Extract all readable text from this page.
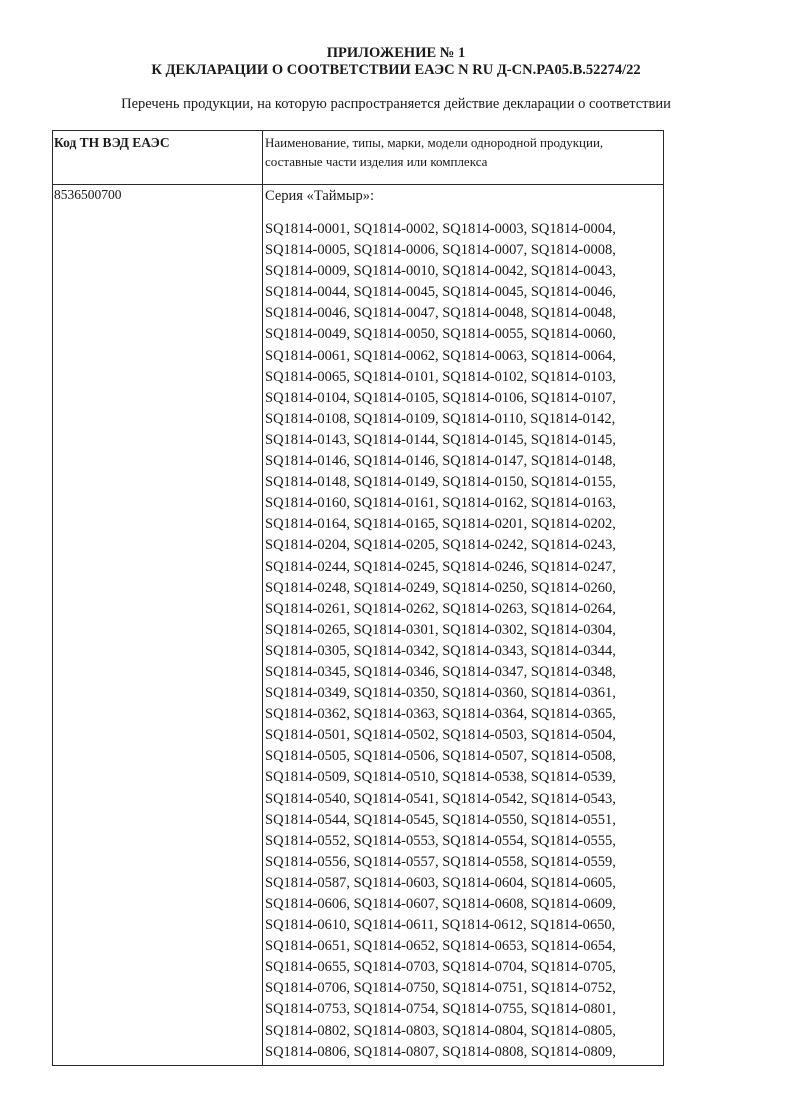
ПРИЛОЖЕНИЕ № 1
К ДЕКЛАРАЦИИ О СООТВЕТСТВИИ ЕАЭС N RU Д-CN.PA05.B.52274/22
Перечень продукции, на которую распространяется действие декларации о соответствии
Код ТН ВЭД ЕАЭС	Наименование, типы, марки, модели однородной продукции, составные части изделия или комплекса
8536500700	Серия «Таймыр»:
SQ1814-0001, SQ1814-0002, SQ1814-0003, SQ1814-0004,
SQ1814-0005, SQ1814-0006, SQ1814-0007, SQ1814-0008,
SQ1814-0009, SQ1814-0010, SQ1814-0042, SQ1814-0043,
SQ1814-0044, SQ1814-0045, SQ1814-0045, SQ1814-0046,
SQ1814-0046, SQ1814-0047, SQ1814-0048, SQ1814-0048,
SQ1814-0049, SQ1814-0050, SQ1814-0055, SQ1814-0060,
SQ1814-0061, SQ1814-0062, SQ1814-0063, SQ1814-0064,
SQ1814-0065, SQ1814-0101, SQ1814-0102, SQ1814-0103,
SQ1814-0104, SQ1814-0105, SQ1814-0106, SQ1814-0107,
SQ1814-0108, SQ1814-0109, SQ1814-0110, SQ1814-0142,
SQ1814-0143, SQ1814-0144, SQ1814-0145, SQ1814-0145,
SQ1814-0146, SQ1814-0146, SQ1814-0147, SQ1814-0148,
SQ1814-0148, SQ1814-0149, SQ1814-0150, SQ1814-0155,
SQ1814-0160, SQ1814-0161, SQ1814-0162, SQ1814-0163,
SQ1814-0164, SQ1814-0165, SQ1814-0201, SQ1814-0202,
SQ1814-0204, SQ1814-0205, SQ1814-0242, SQ1814-0243,
SQ1814-0244, SQ1814-0245, SQ1814-0246, SQ1814-0247,
SQ1814-0248, SQ1814-0249, SQ1814-0250, SQ1814-0260,
SQ1814-0261, SQ1814-0262, SQ1814-0263, SQ1814-0264,
SQ1814-0265, SQ1814-0301, SQ1814-0302, SQ1814-0304,
SQ1814-0305, SQ1814-0342, SQ1814-0343, SQ1814-0344,
SQ1814-0345, SQ1814-0346, SQ1814-0347, SQ1814-0348,
SQ1814-0349, SQ1814-0350, SQ1814-0360, SQ1814-0361,
SQ1814-0362, SQ1814-0363, SQ1814-0364, SQ1814-0365,
SQ1814-0501, SQ1814-0502, SQ1814-0503, SQ1814-0504,
SQ1814-0505, SQ1814-0506, SQ1814-0507, SQ1814-0508,
SQ1814-0509, SQ1814-0510, SQ1814-0538, SQ1814-0539,
SQ1814-0540, SQ1814-0541, SQ1814-0542, SQ1814-0543,
SQ1814-0544, SQ1814-0545, SQ1814-0550, SQ1814-0551,
SQ1814-0552, SQ1814-0553, SQ1814-0554, SQ1814-0555,
SQ1814-0556, SQ1814-0557, SQ1814-0558, SQ1814-0559,
SQ1814-0587, SQ1814-0603, SQ1814-0604, SQ1814-0605,
SQ1814-0606, SQ1814-0607, SQ1814-0608, SQ1814-0609,
SQ1814-0610, SQ1814-0611, SQ1814-0612, SQ1814-0650,
SQ1814-0651, SQ1814-0652, SQ1814-0653, SQ1814-0654,
SQ1814-0655, SQ1814-0703, SQ1814-0704, SQ1814-0705,
SQ1814-0706, SQ1814-0750, SQ1814-0751, SQ1814-0752,
SQ1814-0753, SQ1814-0754, SQ1814-0755, SQ1814-0801,
SQ1814-0802, SQ1814-0803, SQ1814-0804, SQ1814-0805,
SQ1814-0806, SQ1814-0807, SQ1814-0808, SQ1814-0809,
